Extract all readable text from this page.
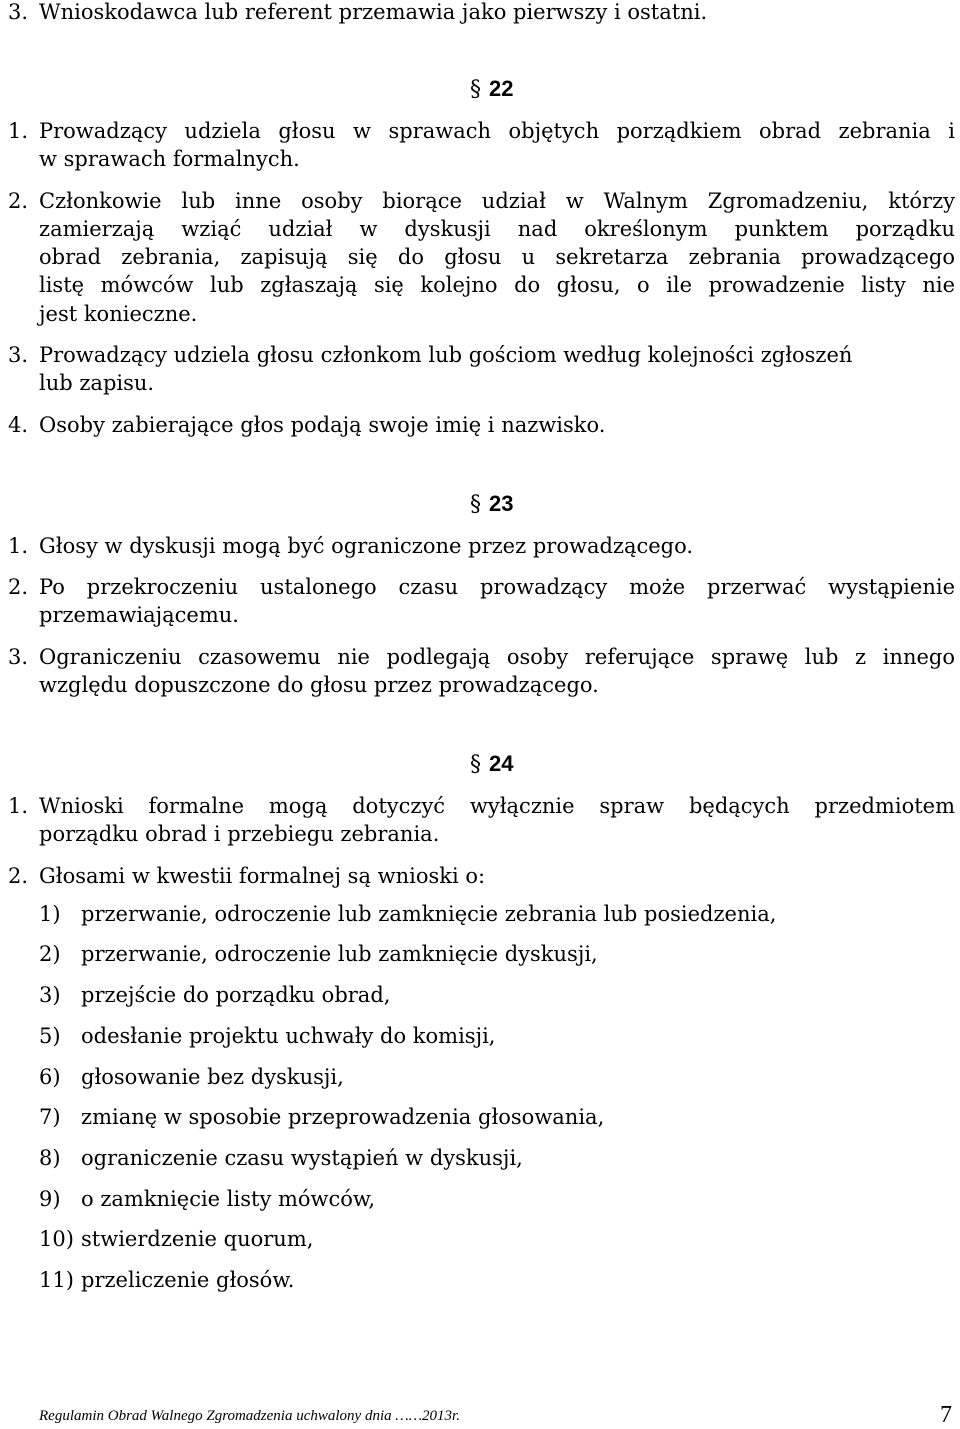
3. Wnioskodawca lub referent przemawia jako pierwszy i ostatni.
§ 22
1. Prowadzący udziela głosu w sprawach objętych porządkiem obrad zebrania i
w sprawach formalnych.
2. Członkowie lub inne osoby biorące udział w Walnym Zgromadzeniu, którzy
zamierzają wziąć udział w dyskusji nad określonym punktem porządku
obrad zebrania, zapisują się do głosu u sekretarza zebrania prowadzącego
listę mówców lub zgłaszają się kolejno do głosu, o ile prowadzenie listy nie
jest konieczne.
3. Prowadzący udziela głosu członkom lub gościom według kolejności zgłoszeń
lub zapisu.
4. Osoby zabierające głos podają swoje imię i nazwisko.
§ 23
1. Głosy w dyskusji mogą być ograniczone przez prowadzącego.
2. Po przekroczeniu ustalonego czasu prowadzący może przerwać wystąpienie
przemawiającemu.
3. Ograniczeniu czasowemu nie podlegają osoby referujące sprawę lub z innego
względu dopuszczone do głosu przez prowadzącego.
§ 24
1. Wnioski formalne mogą dotyczyć wyłącznie spraw będących przedmiotem
porządku obrad i przebiegu zebrania.
2. Głosami w kwestii formalnej są wnioski o:
1) przerwanie, odroczenie lub zamknięcie zebrania lub posiedzenia,
2) przerwanie, odroczenie lub zamknięcie dyskusji,
3) przejście do porządku obrad,
5) odesłanie projektu uchwały do komisji,
6) głosowanie bez dyskusji,
7) zmianę w sposobie przeprowadzenia głosowania,
8) ograniczenie czasu wystąpień w dyskusji,
9) o zamknięcie listy mówców,
10) stwierdzenie quorum,
11) przeliczenie głosów.
Regulamin Obrad Walnego Zgromadzenia uchwalony dnia ……2013r.	7
